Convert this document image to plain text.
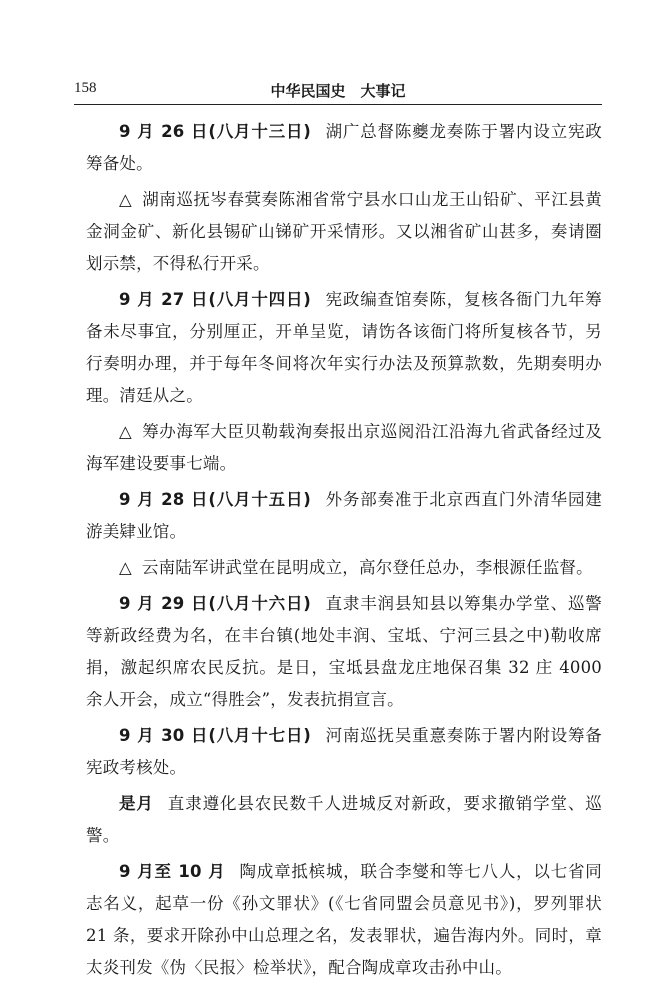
158	中华民国史　大事记

9 月 26 日(八月十三日) 湖广总督陈夔龙奏陈于署内设立宪政筹备处。

△ 湖南巡抚岑春蓂奏陈湘省常宁县水口山龙王山铅矿、平江县黄金洞金矿、新化县锡矿山锑矿开采情形。又以湘省矿山甚多，奏请圈划示禁，不得私行开采。

9 月 27 日(八月十四日) 宪政编查馆奏陈，复核各衙门九年筹备未尽事宜，分别厘正，开单呈览，请饬各该衙门将所复核各节，另行奏明办理，并于每年冬间将次年实行办法及预算款数，先期奏明办理。清廷从之。

△ 筹办海军大臣贝勒载洵奏报出京巡阅沿江沿海九省武备经过及海军建设要事七端。

9 月 28 日(八月十五日) 外务部奏准于北京西直门外清华园建游美肄业馆。

△ 云南陆军讲武堂在昆明成立，高尔登任总办，李根源任监督。

9 月 29 日(八月十六日) 直隶丰润县知县以筹集办学堂、巡警等新政经费为名，在丰台镇(地处丰润、宝坻、宁河三县之中)勒收席捐，激起织席农民反抗。是日，宝坻县盘龙庄地保召集 32 庄 4000 余人开会，成立“得胜会”，发表抗捐宣言。

9 月 30 日(八月十七日) 河南巡抚吴重憙奏陈于署内附设筹备宪政考核处。

是月 直隶遵化县农民数千人进城反对新政，要求撤销学堂、巡警。

9 月至 10 月 陶成章抵槟城，联合李燮和等七八人，以七省同志名义，起草一份《孙文罪状》(《七省同盟会员意见书》)，罗列罪状 21 条，要求开除孙中山总理之名，发表罪状，遍告海内外。同时，章太炎刊发《伪〈民报〉检举状》，配合陶成章攻击孙中山。
